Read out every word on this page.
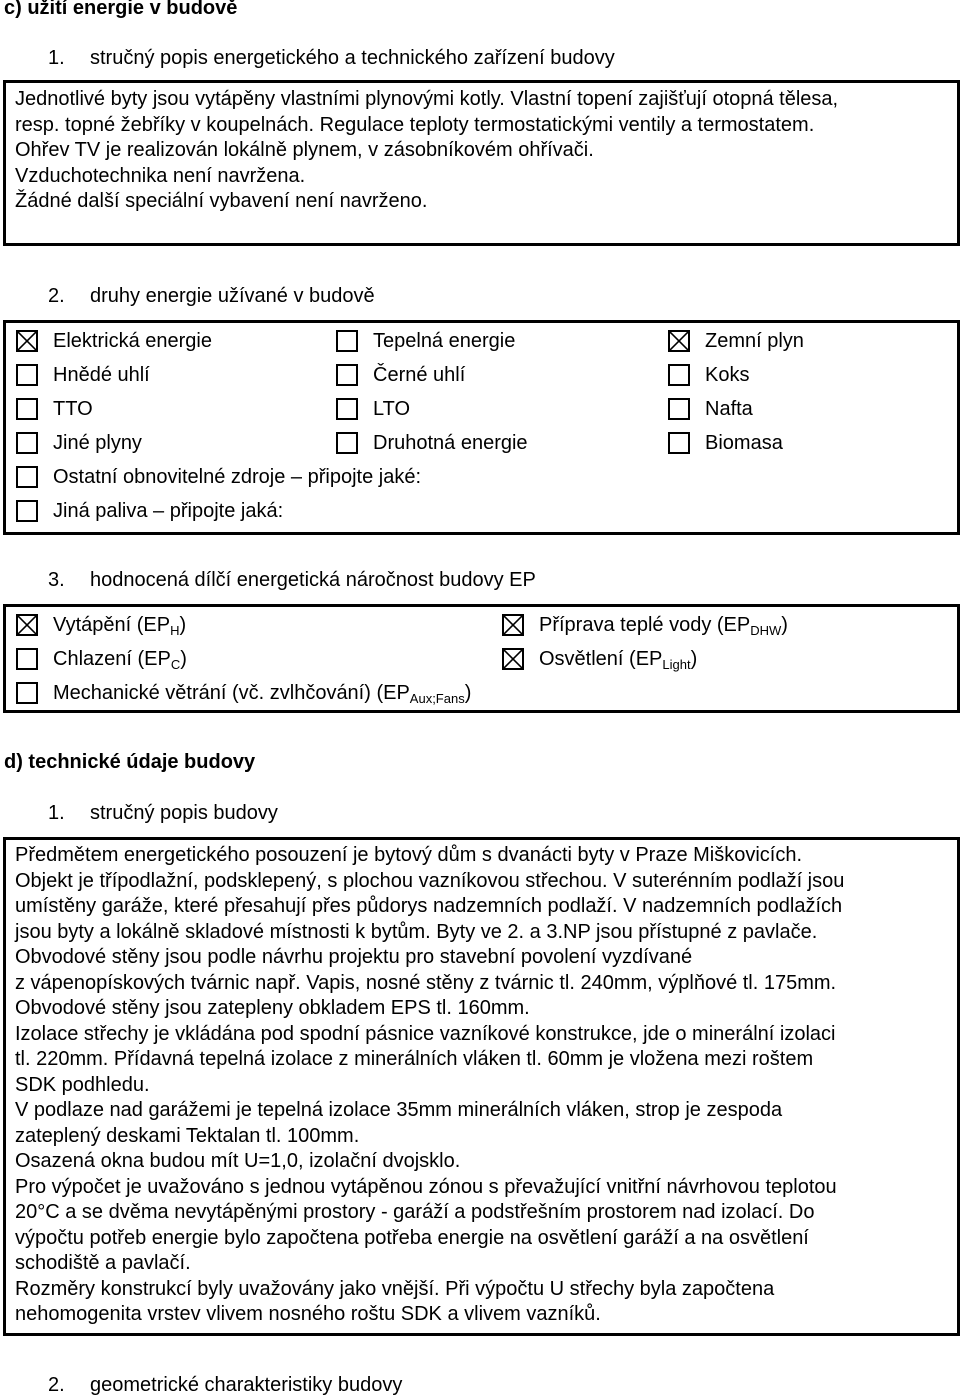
c) užití energie v budově
1. stručný popis energetického a technického zařízení budovy
Jednotlivé byty jsou vytápěny vlastními plynovými kotly. Vlastní topení zajišťují otopná tělesa,
resp. topné žebříky v koupelnách. Regulace teploty termostatickými ventily a termostatem.
Ohřev TV je realizován lokálně plynem, v zásobníkovém ohřívači.
Vzduchotechnika není navržena.
Žádné další speciální vybavení není navrženo.
2. druhy energie užívané v budově
Elektrická energie	Tepelná energie	Zemní plyn
Hnědé uhlí	Černé uhlí	Koks
TTO	LTO	Nafta
Jiné plyny	Druhotná energie	Biomasa
Ostatní obnovitelné zdroje – připojte jaké:
Jiná paliva – připojte jaká:
3. hodnocená dílčí energetická náročnost budovy EP
Vytápění $(EP_H)$	Příprava teplé vody $(EP_{DHW})$
Chlazení $(EP_C)$	Osvětlení $(EP_{Light})$
Mechanické větrání (vč. zvlhčování) $(EP_{Aux;Fans})$
d) technické údaje budovy
1. stručný popis budovy
Předmětem energetického posouzení je bytový dům s dvanácti byty v Praze Miškovicích.
Objekt je třípodlažní, podsklepený, s plochou vazníkovou střechou. V suterénním podlaží jsou
umístěny garáže, které přesahují přes půdorys nadzemních podlaží. V nadzemních podlažích
jsou byty a lokálně skladové místnosti k bytům. Byty ve 2. a 3.NP jsou přístupné z pavlače.
Obvodové stěny jsou podle návrhu projektu pro stavební povolení vyzdívané
z vápenopískových tvárnic např. Vapis, nosné stěny z tvárnic tl. 240mm, výplňové tl. 175mm.
Obvodové stěny jsou zatepleny obkladem EPS tl. 160mm.
Izolace střechy je vkládána pod spodní pásnice vazníkové konstrukce, jde o minerální izolaci
tl. 220mm. Přídavná tepelná izolace z minerálních vláken tl. 60mm je vložena mezi roštem
SDK podhledu.
V podlaze nad garážemi je tepelná izolace 35mm minerálních vláken, strop je zespoda
zateplený deskami Tektalan tl. 100mm.
Osazená okna budou mít U=1,0, izolační dvojsklo.
Pro výpočet je uvažováno s jednou vytápěnou zónou s převažující vnitřní návrhovou teplotou
20°C a se dvěma nevytápěnými prostory - garáží a podstřešním prostorem nad izolací. Do
výpočtu potřeb energie bylo započtena potřeba energie na osvětlení garáží a na osvětlení
schodiště a pavlačí.
Rozměry konstrukcí byly uvažovány jako vnější. Při výpočtu U střechy byla započtena
nehomogenita vrstev vlivem nosného roštu SDK a vlivem vazníků.
2. geometrické charakteristiky budovy
